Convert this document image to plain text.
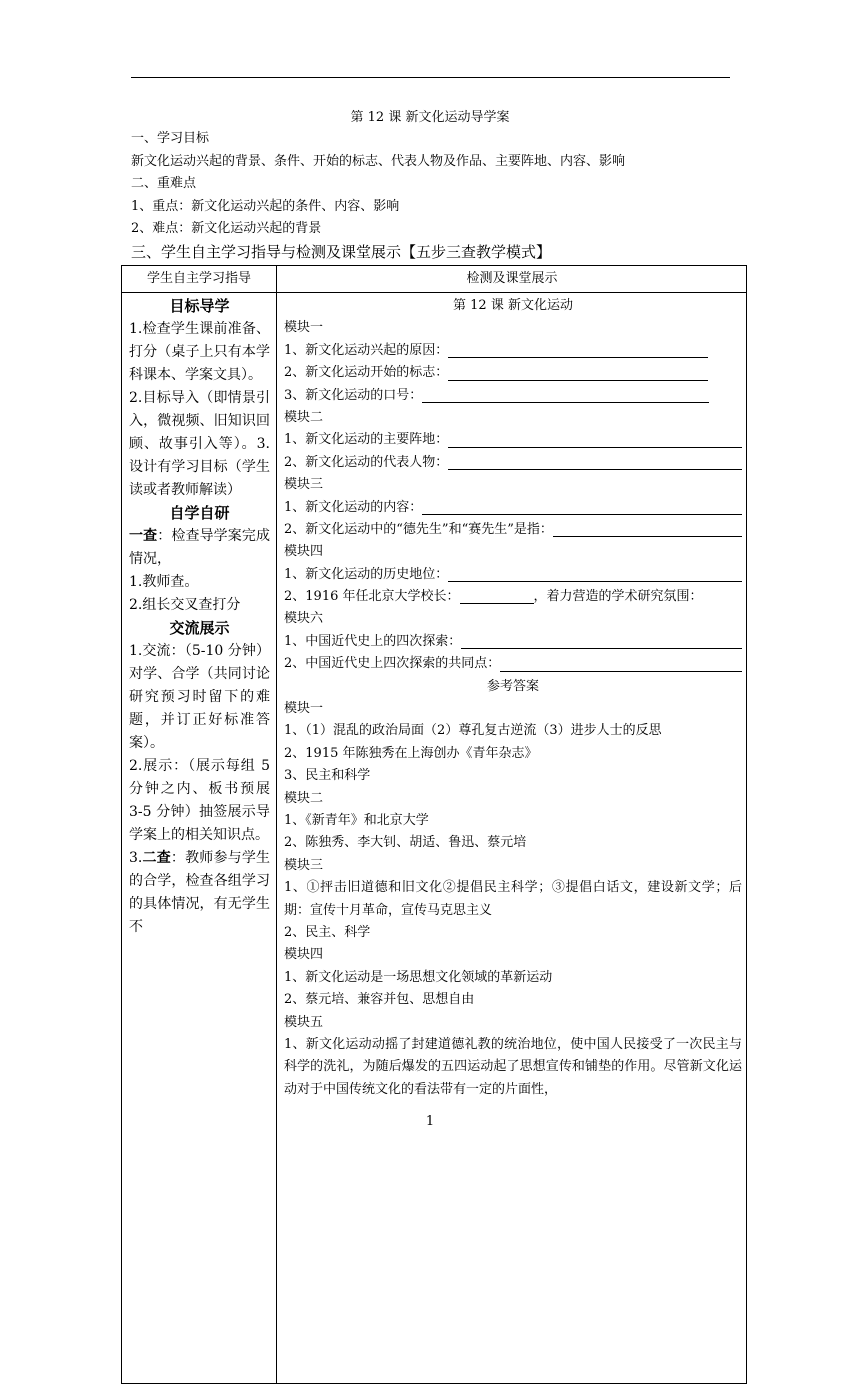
第 12 课 新文化运动导学案
一、学习目标
新文化运动兴起的背景、条件、开始的标志、代表人物及作品、主要阵地、内容、影响
二、重难点
1、重点：新文化运动兴起的条件、内容、影响
2、难点：新文化运动兴起的背景
三、学生自主学习指导与检测及课堂展示【五步三查教学模式】
学生自主学习指导	检测及课堂展示
目标导学
1.检查学生课前准备、打分（桌子上只有本学科课本、学案文具）。
2.目标导入（即情景引入，微视频、旧知识回顾、故事引入等）。3.设计有学习目标（学生读或者教师解读）
自学自研
一查：检查导学案完成情况，
1.教师查。
2.组长交叉查打分
交流展示
1.交流：（5-10 分钟）对学、合学（共同讨论研究预习时留下的难题，并订正好标准答案）。
2.展示：（展示每组 5 分钟之内、板书预展 3-5 分钟）抽签展示导学案上的相关知识点。
3.二查：教师参与学生的合学，检查各组学习的具体情况，有无学生不
第 12 课 新文化运动
模块一
1、新文化运动兴起的原因：
2、新文化运动开始的标志：
3、新文化运动的口号：
模块二
1、新文化运动的主要阵地：
2、新文化运动的代表人物：
模块三
1、新文化运动的内容：
2、新文化运动中的“德先生”和“赛先生”是指：
模块四
1、新文化运动的历史地位：
2、1916 年任北京大学校长：	，着力营造的学术研究氛围：
模块六
1、中国近代史上的四次探索：
2、中国近代史上四次探索的共同点：
参考答案
模块一
1、（1）混乱的政治局面（2）尊孔复古逆流（3）进步人士的反思
2、1915 年陈独秀在上海创办《青年杂志》
3、民主和科学
模块二
1、《新青年》和北京大学
2、陈独秀、李大钊、胡适、鲁迅、蔡元培
模块三
1、①抨击旧道德和旧文化②提倡民主科学；③提倡白话文，建设新文学；后期：宣传十月革命，宣传马克思主义
2、民主、科学
模块四
1、新文化运动是一场思想文化领域的革新运动
2、蔡元培、兼容并包、思想自由
模块五
1、新文化运动动摇了封建道德礼教的统治地位，使中国人民接受了一次民主与科学的洗礼，为随后爆发的五四运动起了思想宣传和铺垫的作用。尽管新文化运动对于中国传统文化的看法带有一定的片面性，
1
